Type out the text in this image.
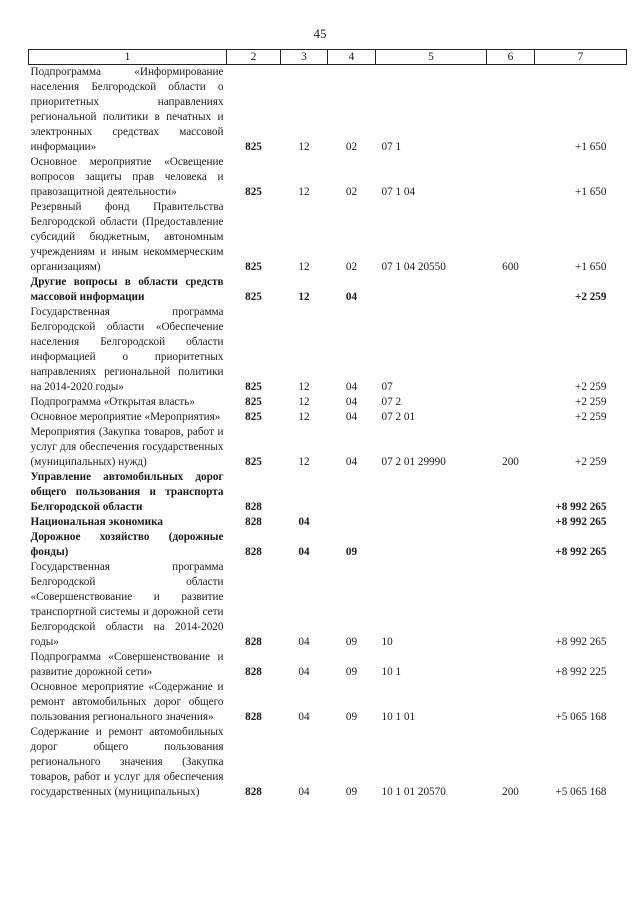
45
1	2	3	4	5	6	7
Подпрограмма «Информирование населения Белгородской области о приоритетных направлениях региональной политики в печатных и электронных средствах массовой информации»	825	12	02	07 1		+1 650
Основное мероприятие «Освещение вопросов защиты прав человека и правозащитной деятельности»	825	12	02	07 1 04		+1 650
Резервный фонд Правительства Белгородской области (Предоставление субсидий бюджетным, автономным учреждениям и иным некоммерческим организациям)	825	12	02	07 1 04 20550	600	+1 650
Другие вопросы в области средств массовой информации	825	12	04			+2 259
Государственная программа Белгородской области «Обеспечение населения Белгородской области информацией о приоритетных направлениях региональной политики на 2014-2020 годы»	825	12	04	07		+2 259
Подпрограмма «Открытая власть»	825	12	04	07 2		+2 259
Основное мероприятие «Мероприятия»	825	12	04	07 2 01		+2 259
Мероприятия (Закупка товаров, работ и услуг для обеспечения государственных (муниципальных) нужд)	825	12	04	07 2 01 29990	200	+2 259
Управление автомобильных дорог общего пользования и транспорта Белгородской области	828					+8 992 265
Национальная экономика	828	04				+8 992 265
Дорожное хозяйство (дорожные фонды)	828	04	09			+8 992 265
Государственная программа Белгородской области «Совершенствование и развитие транспортной системы и дорожной сети Белгородской области на 2014-2020 годы»	828	04	09	10		+8 992 265
Подпрограмма «Совершенствование и развитие дорожной сети»	828	04	09	10 1		+8 992 225
Основное мероприятие «Содержание и ремонт автомобильных дорог общего пользования регионального значения»	828	04	09	10 1 01		+5 065 168
Содержание и ремонт автомобильных дорог общего пользования регионального значения (Закупка товаров, работ и услуг для обеспечения государственных (муниципальных)	828	04	09	10 1 01 20570	200	+5 065 168
